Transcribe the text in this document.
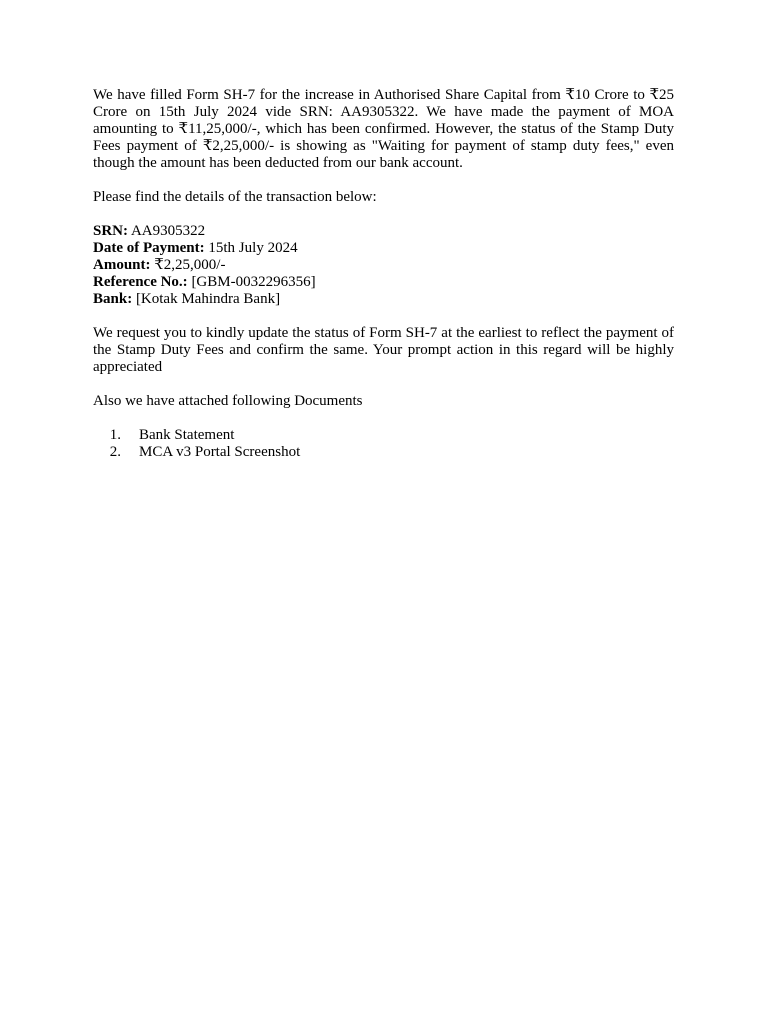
We have filled Form SH-7 for the increase in Authorised Share Capital from ₹10 Crore to ₹25 Crore on 15th July 2024 vide SRN: AA9305322. We have made the payment of MOA amounting to ₹11,25,000/-, which has been confirmed. However, the status of the Stamp Duty Fees payment of ₹2,25,000/- is showing as "Waiting for payment of stamp duty fees," even though the amount has been deducted from our bank account.

Please find the details of the transaction below:

SRN: AA9305322
Date of Payment: 15th July 2024
Amount: ₹2,25,000/-
Reference No.: [GBM-0032296356]
Bank: [Kotak Mahindra Bank]

We request you to kindly update the status of Form SH-7 at the earliest to reflect the payment of the Stamp Duty Fees and confirm the same. Your prompt action in this regard will be highly appreciated

Also we have attached following Documents

1.	Bank Statement
2.	MCA v3 Portal Screenshot
